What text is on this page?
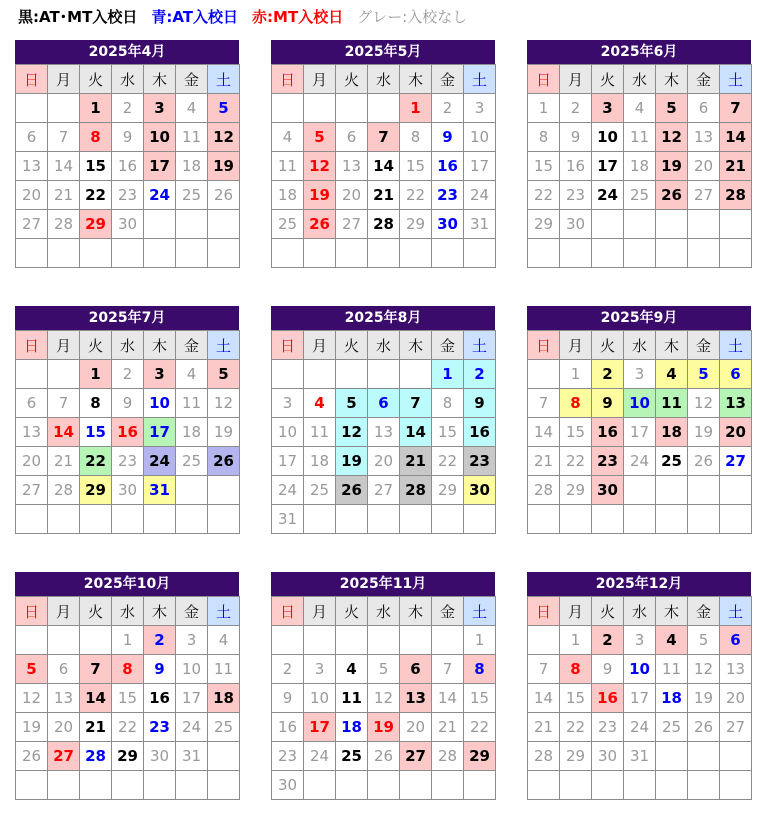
黒:AT･MT入校日 青:AT入校日 赤:MT入校日 グレー:入校なし
2025年4月
日	月	火	水	木	金	土
		1	2	3	4	5
6	7	8	9	10	11	12
13	14	15	16	17	18	19
20	21	22	23	24	25	26
27	28	29	30			

2025年5月
日	月	火	水	木	金	土
				1	2	3
4	5	6	7	8	9	10
11	12	13	14	15	16	17
18	19	20	21	22	23	24
25	26	27	28	29	30	31

2025年6月
日	月	火	水	木	金	土
1	2	3	4	5	6	7
8	9	10	11	12	13	14
15	16	17	18	19	20	21
22	23	24	25	26	27	28
29	30					

2025年7月
日	月	火	水	木	金	土
		1	2	3	4	5
6	7	8	9	10	11	12
13	14	15	16	17	18	19
20	21	22	23	24	25	26
27	28	29	30	31		

2025年8月
日	月	火	水	木	金	土
					1	2
3	4	5	6	7	8	9
10	11	12	13	14	15	16
17	18	19	20	21	22	23
24	25	26	27	28	29	30
31						
2025年9月
日	月	火	水	木	金	土
	1	2	3	4	5	6
7	8	9	10	11	12	13
14	15	16	17	18	19	20
21	22	23	24	25	26	27
28	29	30				

2025年10月
日	月	火	水	木	金	土
			1	2	3	4
5	6	7	8	9	10	11
12	13	14	15	16	17	18
19	20	21	22	23	24	25
26	27	28	29	30	31	

2025年11月
日	月	火	水	木	金	土
						1
2	3	4	5	6	7	8
9	10	11	12	13	14	15
16	17	18	19	20	21	22
23	24	25	26	27	28	29
30						
2025年12月
日	月	火	水	木	金	土
	1	2	3	4	5	6
7	8	9	10	11	12	13
14	15	16	17	18	19	20
21	22	23	24	25	26	27
28	29	30	31			
